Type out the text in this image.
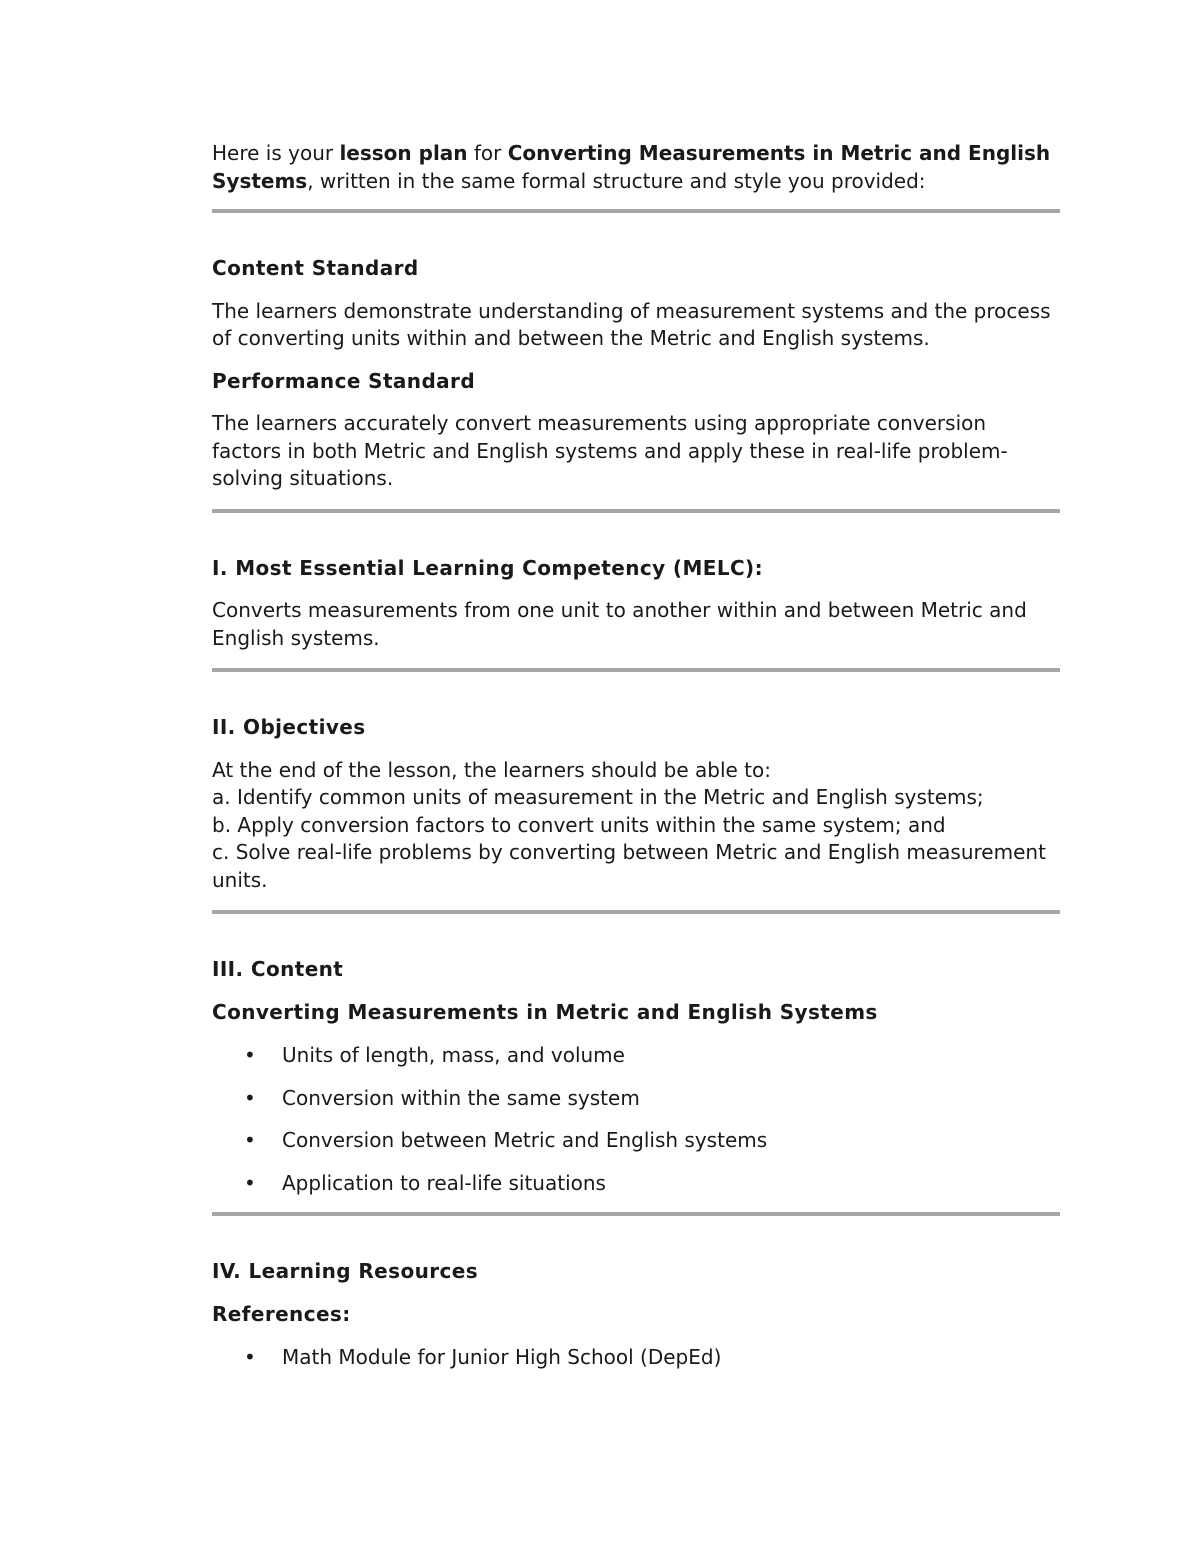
Here is your lesson plan for Converting Measurements in Metric and English Systems, written in the same formal structure and style you provided:

Content Standard

The learners demonstrate understanding of measurement systems and the process of converting units within and between the Metric and English systems.

Performance Standard

The learners accurately convert measurements using appropriate conversion factors in both Metric and English systems and apply these in real-life problem-solving situations.

I. Most Essential Learning Competency (MELC):

Converts measurements from one unit to another within and between Metric and English systems.

II. Objectives

At the end of the lesson, the learners should be able to:

a. Identify common units of measurement in the Metric and English systems;

b. Apply conversion factors to convert units within the same system; and

c. Solve real-life problems by converting between Metric and English measurement units.

III. Content
Converting Measurements in Metric and English Systems
• Units of length, mass, and volume
• Conversion within the same system
• Conversion between Metric and English systems
• Application to real-life situations
IV. Learning Resources
References:
• Math Module for Junior High School (DepEd)
